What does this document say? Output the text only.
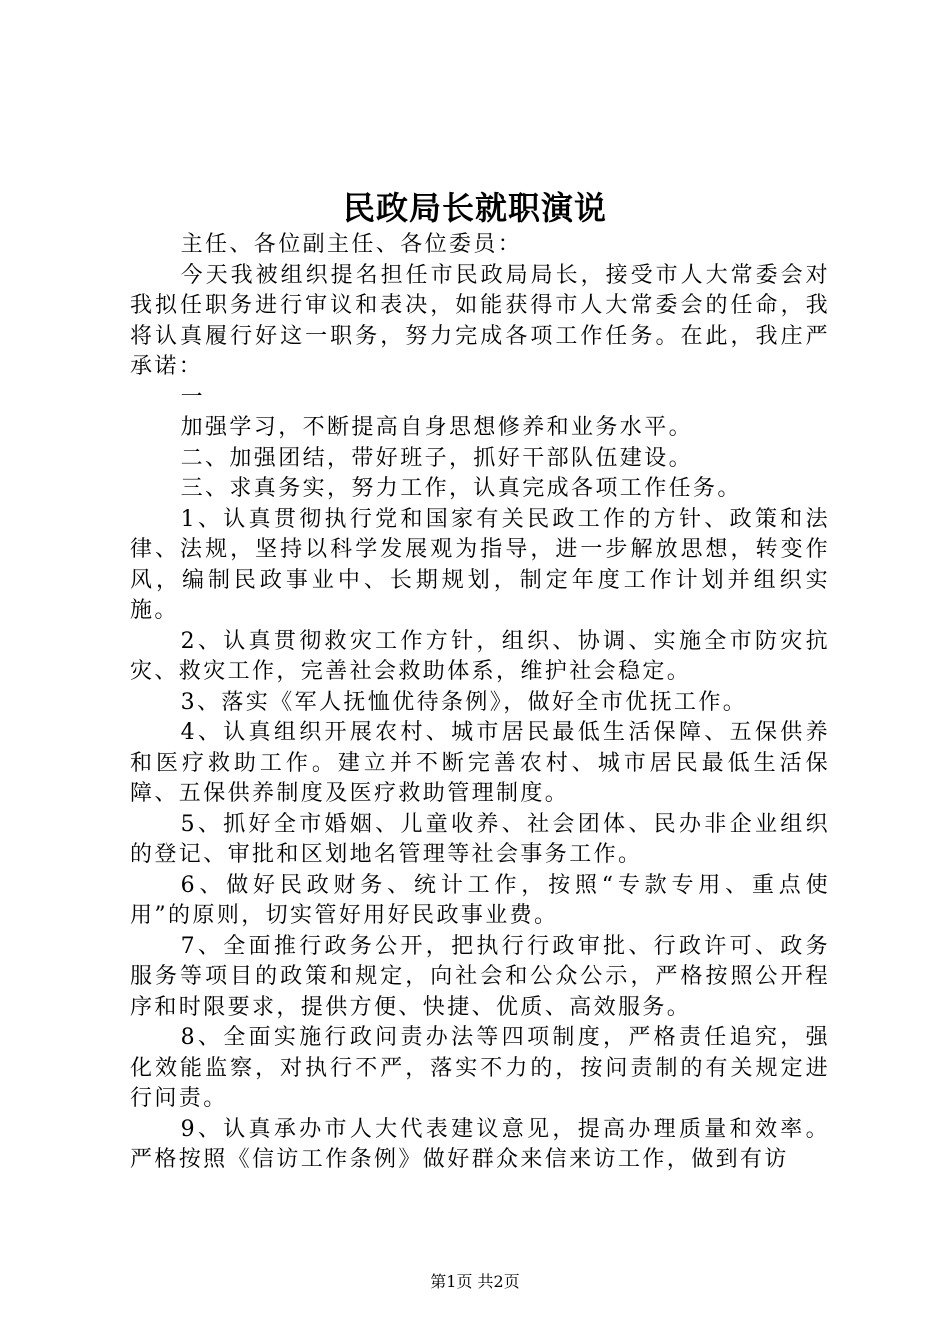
民政局长就职演说

主任、各位副主任、各位委员：

今天我被组织提名担任市民政局局长，接受市人大常委会对我拟任职务进行审议和表决，如能获得市人大常委会的任命，我将认真履行好这一职务，努力完成各项工作任务。在此，我庄严承诺：

一

加强学习，不断提高自身思想修养和业务水平。

二、加强团结，带好班子，抓好干部队伍建设。

三、求真务实，努力工作，认真完成各项工作任务。

1、认真贯彻执行党和国家有关民政工作的方针、政策和法律、法规，坚持以科学发展观为指导，进一步解放思想，转变作风，编制民政事业中、长期规划，制定年度工作计划并组织实施。

2、认真贯彻救灾工作方针，组织、协调、实施全市防灾抗灾、救灾工作，完善社会救助体系，维护社会稳定。

3、落实《军人抚恤优待条例》，做好全市优抚工作。

4、认真组织开展农村、城市居民最低生活保障、五保供养和医疗救助工作。建立并不断完善农村、城市居民最低生活保障、五保供养制度及医疗救助管理制度。

5、抓好全市婚姻、儿童收养、社会团体、民办非企业组织的登记、审批和区划地名管理等社会事务工作。

6、做好民政财务、统计工作，按照“专款专用、重点使用”的原则，切实管好用好民政事业费。

7、全面推行政务公开，把执行行政审批、行政许可、政务服务等项目的政策和规定，向社会和公众公示，严格按照公开程序和时限要求，提供方便、快捷、优质、高效服务。

8、全面实施行政问责办法等四项制度，严格责任追究，强化效能监察，对执行不严，落实不力的，按问责制的有关规定进行问责。

9、认真承办市人大代表建议意见，提高办理质量和效率。严格按照《信访工作条例》做好群众来信来访工作，做到有访

第1页 共2页
